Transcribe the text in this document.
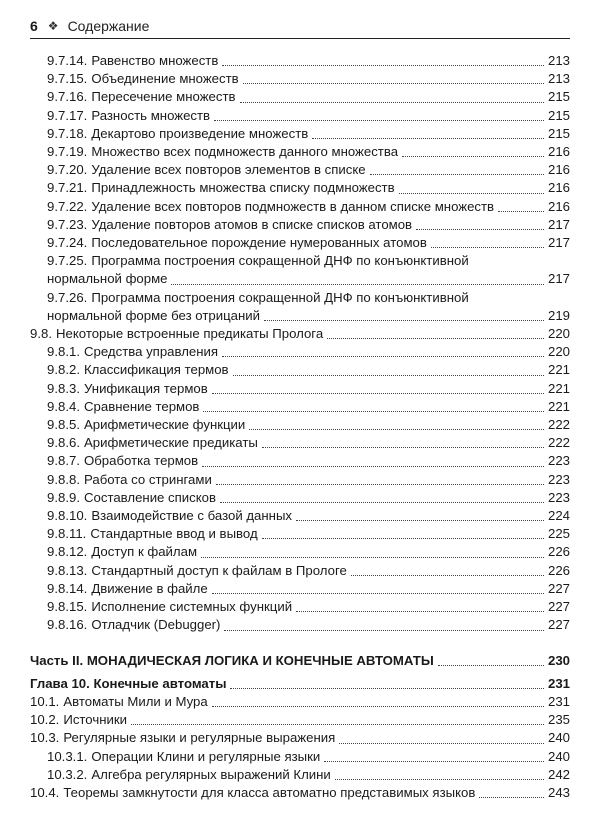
6 ❖ Содержание
9.7.14. Равенство множеств	213
9.7.15. Объединение множеств	213
9.7.16. Пересечение множеств	215
9.7.17. Разность множеств	215
9.7.18. Декартово произведение множеств	215
9.7.19. Множество всех подмножеств данного множества	216
9.7.20. Удаление всех повторов элементов в списке	216
9.7.21. Принадлежность множества списку подмножеств	216
9.7.22. Удаление всех повторов подмножеств в данном списке множеств	216
9.7.23. Удаление повторов атомов в списке списков атомов	217
9.7.24. Последовательное порождение нумерованных атомов	217
9.7.25. Программа построения сокращенной ДНФ по конъюнктивной
нормальной форме	217
9.7.26. Программа построения сокращенной ДНФ по конъюнктивной
нормальной форме без отрицаний	219
9.8. Некоторые встроенные предикаты Пролога	220
9.8.1. Средства управления	220
9.8.2. Классификация термов	221
9.8.3. Унификация термов	221
9.8.4. Сравнение термов	221
9.8.5. Арифметические функции	222
9.8.6. Арифметические предикаты	222
9.8.7. Обработка термов	223
9.8.8. Работа со стрингами	223
9.8.9. Составление списков	223
9.8.10. Взаимодействие с базой данных	224
9.8.11. Стандартные ввод и вывод	225
9.8.12. Доступ к файлам	226
9.8.13. Стандартный доступ к файлам в Прологе	226
9.8.14. Движение в файле	227
9.8.15. Исполнение системных функций	227
9.8.16. Отладчик (Debugger)	227
Часть II. МОНАДИЧЕСКАЯ ЛОГИКА И КОНЕЧНЫЕ АВТОМАТЫ	230
Глава 10. Конечные автоматы	231
10.1. Автоматы Мили и Мура	231
10.2. Источники	235
10.3. Регулярные языки и регулярные выражения	240
10.3.1. Операции Клини и регулярные языки	240
10.3.2. Алгебра регулярных выражений Клини	242
10.4. Теоремы замкнутости для класса автоматно представимых языков	243
